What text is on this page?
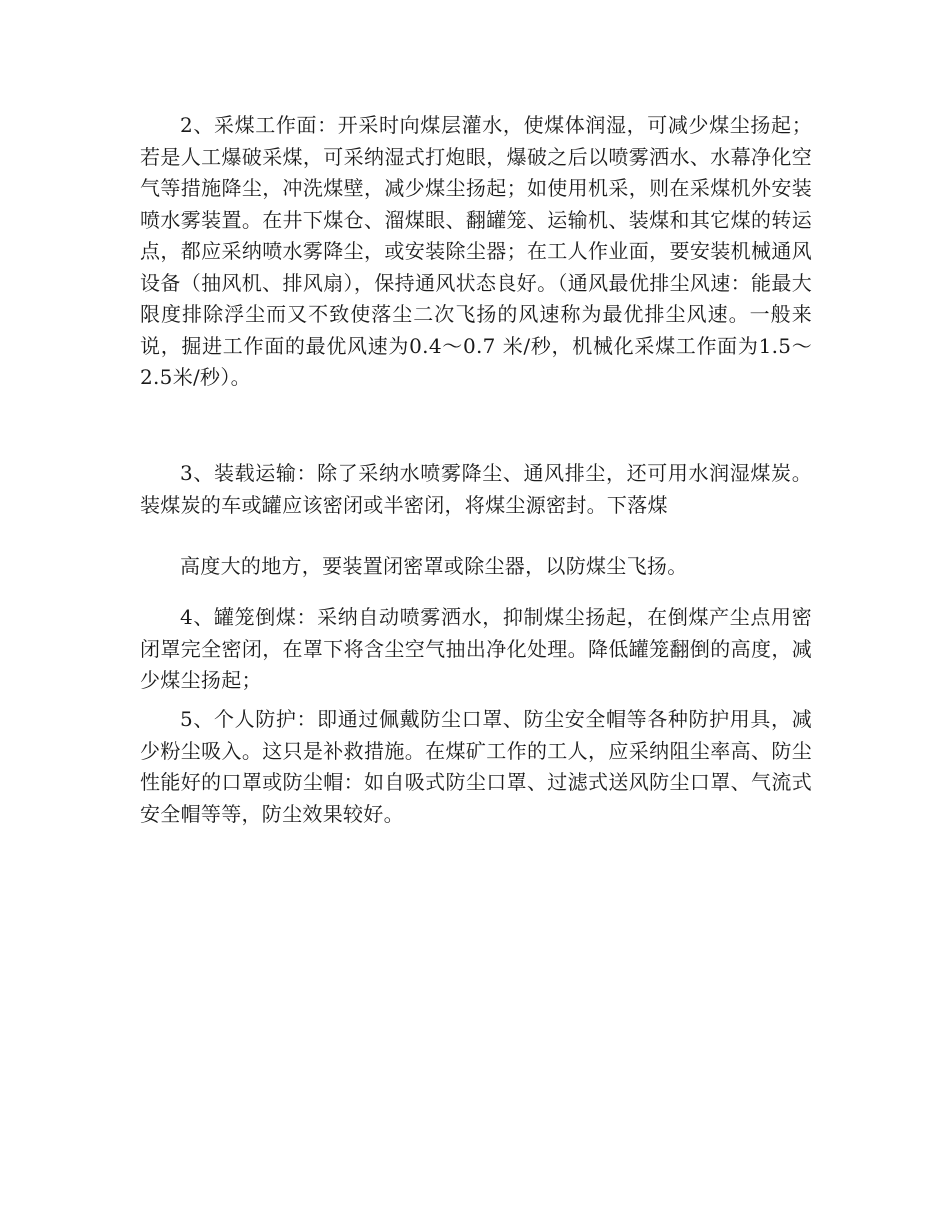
2、采煤工作面：开采时向煤层灌水，使煤体润湿，可减少煤尘扬起；若是人工爆破采煤，可采纳湿式打炮眼，爆破之后以喷雾洒水、水幕净化空气等措施降尘，冲洗煤壁，减少煤尘扬起；如使用机采，则在采煤机外安装喷水雾装置。在井下煤仓、溜煤眼、翻罐笼、运输机、装煤和其它煤的转运点，都应采纳喷水雾降尘，或安装除尘器；在工人作业面，要安装机械通风设备（抽风机、排风扇），保持通风状态良好。（通风最优排尘风速：能最大限度排除浮尘而又不致使落尘二次飞扬的风速称为最优排尘风速。一般来说，掘进工作面的最优风速为0.4～0.7 米/秒，机械化采煤工作面为1.5～2.5米/秒）。

3、装载运输：除了采纳水喷雾降尘、通风排尘，还可用水润湿煤炭。装煤炭的车或罐应该密闭或半密闭，将煤尘源密封。下落煤

高度大的地方，要装置闭密罩或除尘器，以防煤尘飞扬。

4、罐笼倒煤：采纳自动喷雾洒水，抑制煤尘扬起，在倒煤产尘点用密闭罩完全密闭，在罩下将含尘空气抽出净化处理。降低罐笼翻倒的高度，减少煤尘扬起；

5、个人防护：即通过佩戴防尘口罩、防尘安全帽等各种防护用具，减少粉尘吸入。这只是补救措施。在煤矿工作的工人，应采纳阻尘率高、防尘性能好的口罩或防尘帽：如自吸式防尘口罩、过滤式送风防尘口罩、气流式安全帽等等，防尘效果较好。
